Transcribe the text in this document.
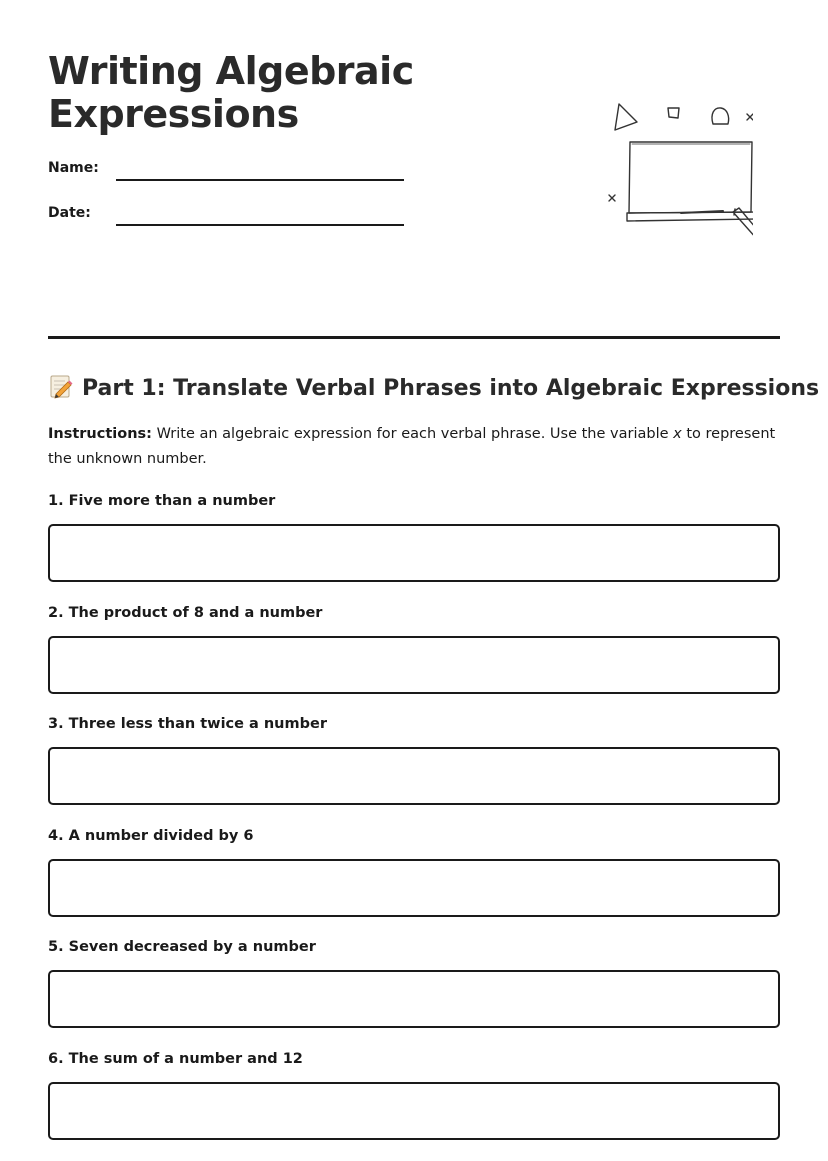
Writing Algebraic Expressions
Name:
Date:
Part 1: Translate Verbal Phrases into Algebraic Expressions

Instructions: Write an algebraic expression for each verbal phrase. Use the variable x to represent the unknown number.

1. Five more than a number
2. The product of 8 and a number
3. Three less than twice a number
4. A number divided by 6
5. Seven decreased by a number
6. The sum of a number and 12
